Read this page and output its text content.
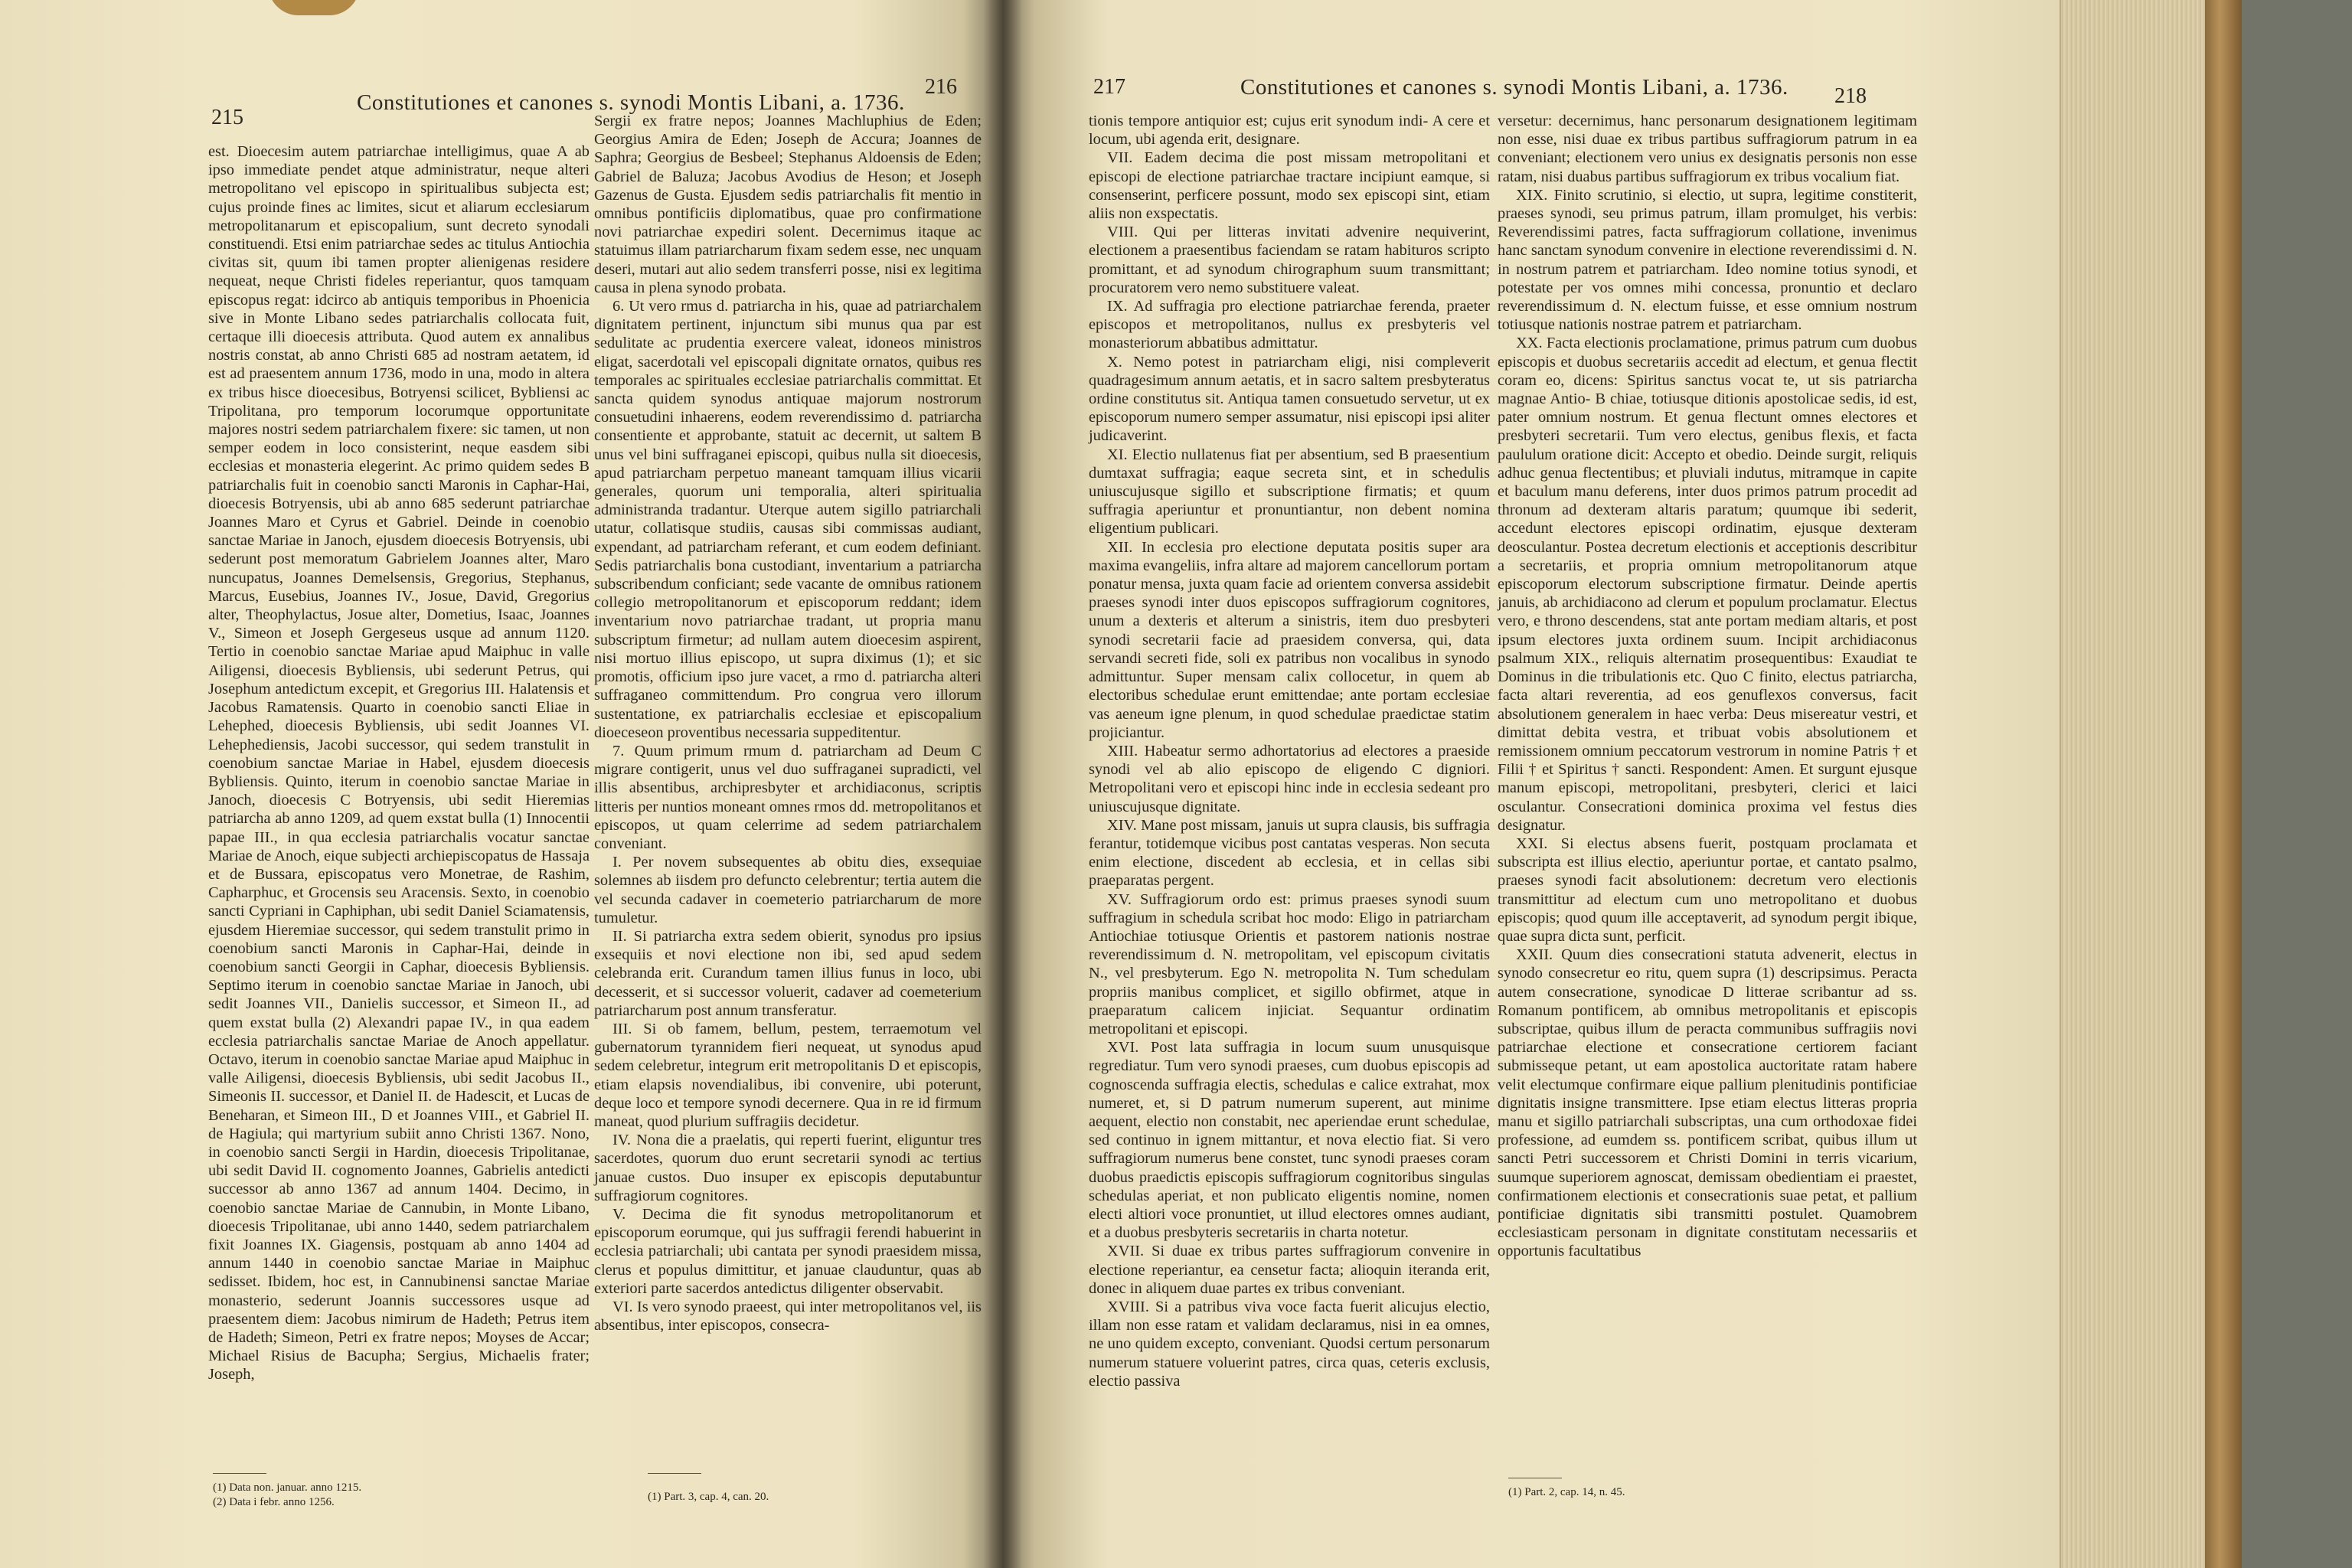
215
Constitutiones et canones s. synodi Montis Libani, a. 1736.
216

est. Dioecesim autem patriarchae intelligimus, quae A ab ipso immediate pendet atque administratur, neque alteri metropolitano vel episcopo in spiritualibus subjecta est; cujus proinde fines ac limites, sicut et aliarum ecclesiarum metropolitanarum et episcopalium, sunt decreto synodali constituendi. Etsi enim patriarchae sedes ac titulus Antiochia civitas sit, quum ibi tamen propter alienigenas residere nequeat, neque Christi fideles reperiantur, quos tamquam episcopus regat: idcirco ab antiquis temporibus in Phoenicia sive in Monte Libano sedes patriarchalis collocata fuit, certaque illi dioecesis attributa. Quod autem ex annalibus nostris constat, ab anno Christi 685 ad nostram aetatem, id est ad praesentem annum 1736, modo in una, modo in altera ex tribus hisce dioecesibus, Botryensi scilicet, Bybliensi ac Tripolitana, pro temporum locorumque opportunitate majores nostri sedem patriarchalem fixere: sic tamen, ut non semper eodem in loco consisterint, neque easdem sibi ecclesias et monasteria elegerint. Ac primo quidem sedes B patriarchalis fuit in coenobio sancti Maronis in Caphar-Hai, dioecesis Botryensis, ubi ab anno 685 sederunt patriarchae Joannes Maro et Cyrus et Gabriel. Deinde in coenobio sanctae Mariae in Janoch, ejusdem dioecesis Botryensis, ubi sederunt post memoratum Gabrielem Joannes alter, Maro nuncupatus, Joannes Demelsensis, Gregorius, Stephanus, Marcus, Eusebius, Joannes IV., Josue, David, Gregorius alter, Theophylactus, Josue alter, Dometius, Isaac, Joannes V., Simeon et Joseph Gergeseus usque ad annum 1120. Tertio in coenobio sanctae Mariae apud Maiphuc in valle Ailigensi, dioecesis Bybliensis, ubi sederunt Petrus, qui Josephum antedictum excepit, et Gregorius III. Halatensis et Jacobus Ramatensis. Quarto in coenobio sancti Eliae in Lehephed, dioecesis Bybliensis, ubi sedit Joannes VI. Lehephediensis, Jacobi successor, qui sedem transtulit in coenobium sanctae Mariae in Habel, ejusdem dioecesis Bybliensis. Quinto, iterum in coenobio sanctae Mariae in Janoch, dioecesis C Botryensis, ubi sedit Hieremias patriarcha ab anno 1209, ad quem exstat bulla (1) Innocentii papae III., in qua ecclesia patriarchalis vocatur sanctae Mariae de Anoch, eique subjecti archiepiscopatus de Hassaja et de Bussara, episcopatus vero Monetrae, de Rashim, Capharphuc, et Grocensis seu Aracensis. Sexto, in coenobio sancti Cypriani in Caphiphan, ubi sedit Daniel Sciamatensis, ejusdem Hieremiae successor, qui sedem transtulit primo in coenobium sancti Maronis in Caphar-Hai, deinde in coenobium sancti Georgii in Caphar, dioecesis Bybliensis. Septimo iterum in coenobio sanctae Mariae in Janoch, ubi sedit Joannes VII., Danielis successor, et Simeon II., ad quem exstat bulla (2) Alexandri papae IV., in qua eadem ecclesia patriarchalis sanctae Mariae de Anoch appellatur. Octavo, iterum in coenobio sanctae Mariae apud Maiphuc in valle Ailigensi, dioecesis Bybliensis, ubi sedit Jacobus II., Simeonis II. successor, et Daniel II. de Hadescit, et Lucas de Beneharan, et Simeon III., D et Joannes VIII., et Gabriel II. de Hagiula; qui martyrium subiit anno Christi 1367. Nono, in coenobio sancti Sergii in Hardin, dioecesis Tripolitanae, ubi sedit David II. cognomento Joannes, Gabrielis antedicti successor ab anno 1367 ad annum 1404. Decimo, in coenobio sanctae Mariae de Cannubin, in Monte Libano, dioecesis Tripolitanae, ubi anno 1440, sedem patriarchalem fixit Joannes IX. Giagensis, postquam ab anno 1404 ad annum 1440 in coenobio sanctae Mariae in Maiphuc sedisset. Ibidem, hoc est, in Cannubinensi sanctae Mariae monasterio, sederunt Joannis successores usque ad praesentem diem: Jacobus nimirum de Hadeth; Petrus item de Hadeth; Simeon, Petri ex fratre nepos; Moyses de Accar; Michael Risius de Bacupha; Sergius, Michaelis frater; Joseph,

Sergii ex fratre nepos; Joannes Machluphius de Eden; Georgius Amira de Eden; Joseph de Accura; Joannes de Saphra; Georgius de Besbeel; Stephanus Aldoensis de Eden; Gabriel de Baluza; Jacobus Avodius de Heson; et Joseph Gazenus de Gusta. Ejusdem sedis patriarchalis fit mentio in omnibus pontificiis diplomatibus, quae pro confirmatione novi patriarchae expediri solent. Decernimus itaque ac statuimus illam patriarcharum fixam sedem esse, nec unquam deseri, mutari aut alio sedem transferri posse, nisi ex legitima causa in plena synodo probata.

6. Ut vero rmus d. patriarcha in his, quae ad patriarchalem dignitatem pertinent, injunctum sibi munus qua par est sedulitate ac prudentia exercere valeat, idoneos ministros eligat, sacerdotali vel episcopali dignitate ornatos, quibus res temporales ac spirituales ecclesiae patriarchalis committat. Et sancta quidem synodus antiquae majorum nostrorum consuetudini inhaerens, eodem reverendissimo d. patriarcha consentiente et approbante, statuit ac decernit, ut saltem B unus vel bini suffraganei episcopi, quibus nulla sit dioecesis, apud patriarcham perpetuo maneant tamquam illius vicarii generales, quorum uni temporalia, alteri spiritualia administranda tradantur. Uterque autem sigillo patriarchali utatur, collatisque studiis, causas sibi commissas audiant, expendant, ad patriarcham referant, et cum eodem definiant. Sedis patriarchalis bona custodiant, inventarium a patriarcha subscribendum conficiant; sede vacante de omnibus rationem collegio metropolitanorum et episcoporum reddant; idem inventarium novo patriarchae tradant, ut propria manu subscriptum firmetur; ad nullam autem dioecesim aspirent, nisi mortuo illius episcopo, ut supra diximus (1); et sic promotis, officium ipso jure vacet, a rmo d. patriarcha alteri suffraganeo committendum. Pro congrua vero illorum sustentatione, ex patriarchalis ecclesiae et episcopalium dioeceseon proventibus necessaria suppeditentur.

7. Quum primum rmum d. patriarcham ad Deum C migrare contigerit, unus vel duo suffraganei supradicti, vel illis absentibus, archipresbyter et archidiaconus, scriptis litteris per nuntios moneant omnes rmos dd. metropolitanos et episcopos, ut quam celerrime ad sedem patriarchalem conveniant.

I. Per novem subsequentes ab obitu dies, exsequiae solemnes ab iisdem pro defuncto celebrentur; tertia autem die vel secunda cadaver in coemeterio patriarcharum de more tumuletur.

II. Si patriarcha extra sedem obierit, synodus pro ipsius exsequiis et novi electione non ibi, sed apud sedem celebranda erit. Curandum tamen illius funus in loco, ubi decesserit, et si successor voluerit, cadaver ad coemeterium patriarcharum post annum transferatur.

III. Si ob famem, bellum, pestem, terraemotum vel gubernatorum tyrannidem fieri nequeat, ut synodus apud sedem celebretur, integrum erit metropolitanis D et episcopis, etiam elapsis novendialibus, ibi convenire, ubi poterunt, deque loco et tempore synodi decernere. Qua in re id firmum maneat, quod plurium suffragiis decidetur.

IV. Nona die a praelatis, qui reperti fuerint, eliguntur tres sacerdotes, quorum duo erunt secretarii synodi ac tertius januae custos. Duo insuper ex episcopis deputabuntur suffragiorum cognitores.

V. Decima die fit synodus metropolitanorum et episcoporum eorumque, qui jus suffragii ferendi habuerint in ecclesia patriarchali; ubi cantata per synodi praesidem missa, clerus et populus dimittitur, et januae clauduntur, quas ab exteriori parte sacerdos antedictus diligenter observabit.

VI. Is vero synodo praeest, qui inter metropolitanos vel, iis absentibus, inter episcopos, consecra-

(1) Data non. januar. anno 1215.
(2) Data i febr. anno 1256.	(1) Part. 3, cap. 4, can. 20.
217	Constitutiones et canones s. synodi Montis Libani, a. 1736. 218

tionis tempore antiquior est; cujus erit synodum indi- A cere et locum, ubi agenda erit, designare.

VII. Eadem decima die post missam metropolitani et episcopi de electione patriarchae tractare incipiunt eamque, si consenserint, perficere possunt, modo sex episcopi sint, etiam aliis non exspectatis.

VIII. Qui per litteras invitati advenire nequiverint, electionem a praesentibus faciendam se ratam habituros scripto promittant, et ad synodum chirographum suum transmittant; procuratorem vero nemo substituere valeat.

IX. Ad suffragia pro electione patriarchae ferenda, praeter episcopos et metropolitanos, nullus ex presbyteris vel monasteriorum abbatibus admittatur.

X. Nemo potest in patriarcham eligi, nisi compleverit quadragesimum annum aetatis, et in sacro saltem presbyteratus ordine constitutus sit. Antiqua tamen consuetudo servetur, ut ex episcoporum numero semper assumatur, nisi episcopi ipsi aliter judicaverint.

XI. Electio nullatenus fiat per absentium, sed B praesentium dumtaxat suffragia; eaque secreta sint, et in schedulis uniuscujusque sigillo et subscriptione firmatis; et quum suffragia aperiuntur et pronuntiantur, non debent nomina eligentium publicari.

XII. In ecclesia pro electione deputata positis super ara maxima evangeliis, infra altare ad majorem cancellorum portam ponatur mensa, juxta quam facie ad orientem conversa assidebit praeses synodi inter duos episcopos suffragiorum cognitores, unum a dexteris et alterum a sinistris, item duo presbyteri synodi secretarii facie ad praesidem conversa, qui, data servandi secreti fide, soli ex patribus non vocalibus in synodo admittuntur. Super mensam calix collocetur, in quem ab electoribus schedulae erunt emittendae; ante portam ecclesiae vas aeneum igne plenum, in quod schedulae praedictae statim projiciantur.

XIII. Habeatur sermo adhortatorius ad electores a praeside synodi vel ab alio episcopo de eligendo C digniori. Metropolitani vero et episcopi hinc inde in ecclesia sedeant pro uniuscujusque dignitate.

XIV. Mane post missam, januis ut supra clausis, bis suffragia ferantur, totidemque vicibus post cantatas vesperas. Non secuta enim electione, discedent ab ecclesia, et in cellas sibi praeparatas pergent.

XV. Suffragiorum ordo est: primus praeses synodi suum suffragium in schedula scribat hoc modo: Eligo in patriarcham Antiochiae totiusque Orientis et pastorem nationis nostrae reverendissimum d. N. metropolitam, vel episcopum civitatis N., vel presbyterum. Ego N. metropolita N. Tum schedulam propriis manibus complicet, et sigillo obfirmet, atque in praeparatum calicem injiciat. Sequantur ordinatim metropolitani et episcopi.

XVI. Post lata suffragia in locum suum unusquisque regrediatur. Tum vero synodi praeses, cum duobus episcopis ad cognoscenda suffragia electis, schedulas e calice extrahat, mox numeret, et, si D patrum numerum superent, aut minime aequent, electio non constabit, nec aperiendae erunt schedulae, sed continuo in ignem mittantur, et nova electio fiat. Si vero suffragiorum numerus bene constet, tunc synodi praeses coram duobus praedictis episcopis suffragiorum cognitoribus singulas schedulas aperiat, et non publicato eligentis nomine, nomen electi altiori voce pronuntiet, ut illud electores omnes audiant, et a duobus presbyteris secretariis in charta notetur.

XVII. Si duae ex tribus partes suffragiorum convenire in electione reperiantur, ea censetur facta; alioquin iteranda erit, donec in aliquem duae partes ex tribus conveniant.

XVIII. Si a patribus viva voce facta fuerit alicujus electio, illam non esse ratam et validam declaramus, nisi in ea omnes, ne uno quidem excepto, conveniant. Quodsi certum personarum numerum statuere voluerint patres, circa quas, ceteris exclusis, electio passiva

versetur: decernimus, hanc personarum designationem legitimam non esse, nisi duae ex tribus partibus suffragiorum patrum in ea conveniant; electionem vero unius ex designatis personis non esse ratam, nisi duabus partibus suffragiorum ex tribus vocalium fiat.

XIX. Finito scrutinio, si electio, ut supra, legitime constiterit, praeses synodi, seu primus patrum, illam promulget, his verbis: Reverendissimi patres, facta suffragiorum collatione, invenimus hanc sanctam synodum convenire in electione reverendissimi d. N. in nostrum patrem et patriarcham. Ideo nomine totius synodi, et potestate per vos omnes mihi concessa, pronuntio et declaro reverendissimum d. N. electum fuisse, et esse omnium nostrum totiusque nationis nostrae patrem et patriarcham.

XX. Facta electionis proclamatione, primus patrum cum duobus episcopis et duobus secretariis accedit ad electum, et genua flectit coram eo, dicens: Spiritus sanctus vocat te, ut sis patriarcha magnae Antio- B chiae, totiusque ditionis apostolicae sedis, id est, pater omnium nostrum. Et genua flectunt omnes electores et presbyteri secretarii. Tum vero electus, genibus flexis, et facta paululum oratione dicit: Accepto et obedio. Deinde surgit, reliquis adhuc genua flectentibus; et pluviali indutus, mitramque in capite et baculum manu deferens, inter duos primos patrum procedit ad thronum ad dexteram altaris paratum; quumque ibi sederit, accedunt electores episcopi ordinatim, ejusque dexteram deosculantur. Postea decretum electionis et acceptionis describitur a secretariis, et propria omnium metropolitanorum atque episcoporum electorum subscriptione firmatur. Deinde apertis januis, ab archidiacono ad clerum et populum proclamatur. Electus vero, e throno descendens, stat ante portam mediam altaris, et post ipsum electores juxta ordinem suum. Incipit archidiaconus psalmum XIX., reliquis alternatim prosequentibus: Exaudiat te Dominus in die tribulationis etc. Quo C finito, electus patriarcha, facta altari reverentia, ad eos genuflexos conversus, facit absolutionem generalem in haec verba: Deus misereatur vestri, et dimittat debita vestra, et tribuat vobis absolutionem et remissionem omnium peccatorum vestrorum in nomine Patris † et Filii † et Spiritus † sancti. Respondent: Amen. Et surgunt ejusque manum episcopi, metropolitani, presbyteri, clerici et laici osculantur. Consecrationi dominica proxima vel festus dies designatur.

XXI. Si electus absens fuerit, postquam proclamata et subscripta est illius electio, aperiuntur portae, et cantato psalmo, praeses synodi facit absolutionem: decretum vero electionis transmittitur ad electum cum uno metropolitano et duobus episcopis; quod quum ille acceptaverit, ad synodum pergit ibique, quae supra dicta sunt, perficit.

XXII. Quum dies consecrationi statuta advenerit, electus in synodo consecretur eo ritu, quem supra (1) descripsimus. Peracta autem consecratione, synodicae D litterae scribantur ad ss. Romanum pontificem, ab omnibus metropolitanis et episcopis subscriptae, quibus illum de peracta communibus suffragiis novi patriarchae electione et consecratione certiorem faciant submisseque petant, ut eam apostolica auctoritate ratam habere velit electumque confirmare eique pallium plenitudinis pontificiae dignitatis insigne transmittere. Ipse etiam electus litteras propria manu et sigillo patriarchali subscriptas, una cum orthodoxae fidei professione, ad eumdem ss. pontificem scribat, quibus illum ut sancti Petri successorem et Christi Domini in terris vicarium, suumque superiorem agnoscat, demissam obedientiam ei praestet, confirmationem electionis et consecrationis suae petat, et pallium pontificiae dignitatis sibi transmitti postulet. Quamobrem ecclesiasticam personam in dignitate constitutam necessariis et opportunis facultatibus

(1) Part. 2, cap. 14, n. 45.
